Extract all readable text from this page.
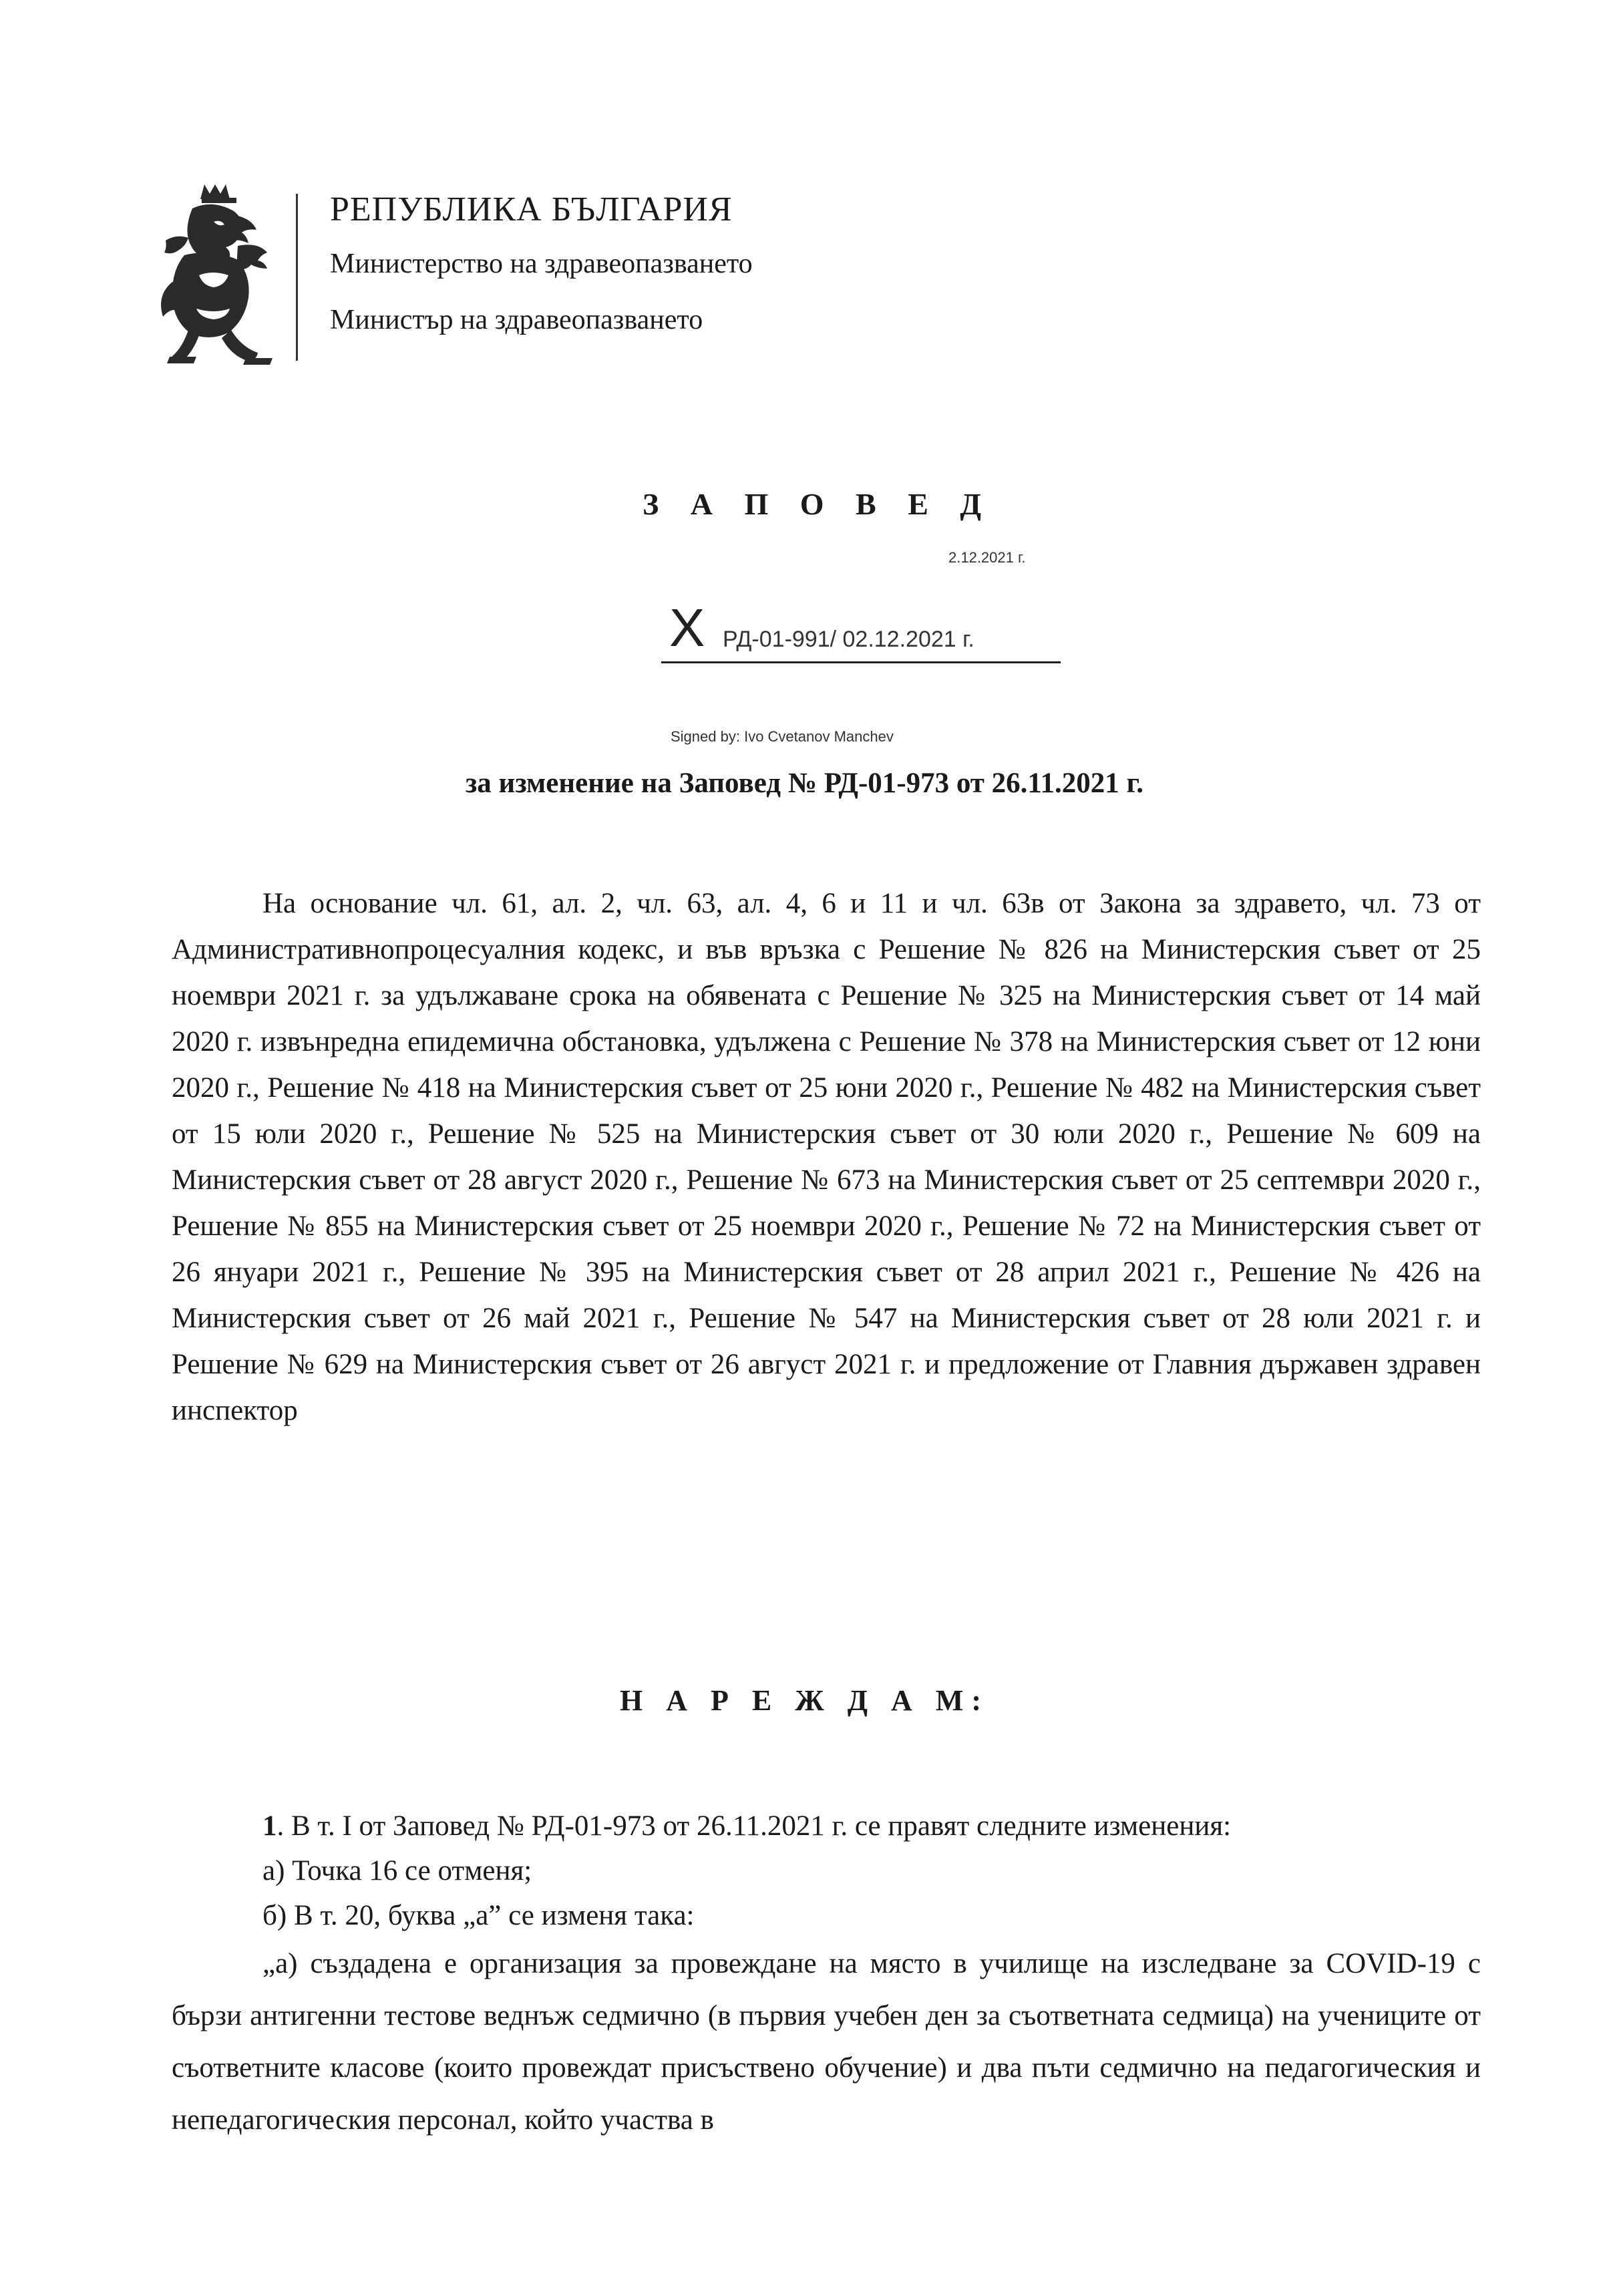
РЕПУБЛИКА БЪЛГАРИЯ
Министерство на здравеопазването
Министър на здравеопазването
З А П О В Е Д
2.12.2021 г.
X РД-01-991/ 02.12.2021 г.
Signed by: Ivo Cvetanov Manchev
за изменение на Заповед № РД-01-973 от 26.11.2021 г.
На основание чл. 61, ал. 2, чл. 63, ал. 4, 6 и 11 и чл. 63в от Закона за здравето, чл. 73 от Административнопроцесуалния кодекс, и във връзка с Решение № 826 на Министерския съвет от 25 ноември 2021 г. за удължаване срока на обявената с Решение № 325 на Министерския съвет от 14 май 2020 г. извънредна епидемична обстановка, удължена с Решение № 378 на Министерския съвет от 12 юни 2020 г., Решение № 418 на Министерския съвет от 25 юни 2020 г., Решение № 482 на Министерския съвет от 15 юли 2020 г., Решение № 525 на Министерския съвет от 30 юли 2020 г., Решение № 609 на Министерския съвет от 28 август 2020 г., Решение № 673 на Министерския съвет от 25 септември 2020 г., Решение № 855 на Министерския съвет от 25 ноември 2020 г., Решение № 72 на Министерския съвет от 26 януари 2021 г., Решение № 395 на Министерския съвет от 28 април 2021 г., Решение № 426 на Министерския съвет от 26 май 2021 г., Решение № 547 на Министерския съвет от 28 юли 2021 г. и Решение № 629 на Министерския съвет от 26 август 2021 г. и предложение от Главния държавен здравен инспектор
Н А Р Е Ж Д А М:

1. В т. I от Заповед № РД-01-973 от 26.11.2021 г. се правят следните изменения:

а) Точка 16 се отменя;

б) В т. 20, буква „а” се изменя така:

„а) създадена е организация за провеждане на място в училище на изследване за COVID-19 с бързи антигенни тестове веднъж седмично (в първия учебен ден за съответната седмица) на учениците от съответните класове (които провеждат присъствено обучение) и два пъти седмично на педагогическия и непедагогическия персонал, който участва в
